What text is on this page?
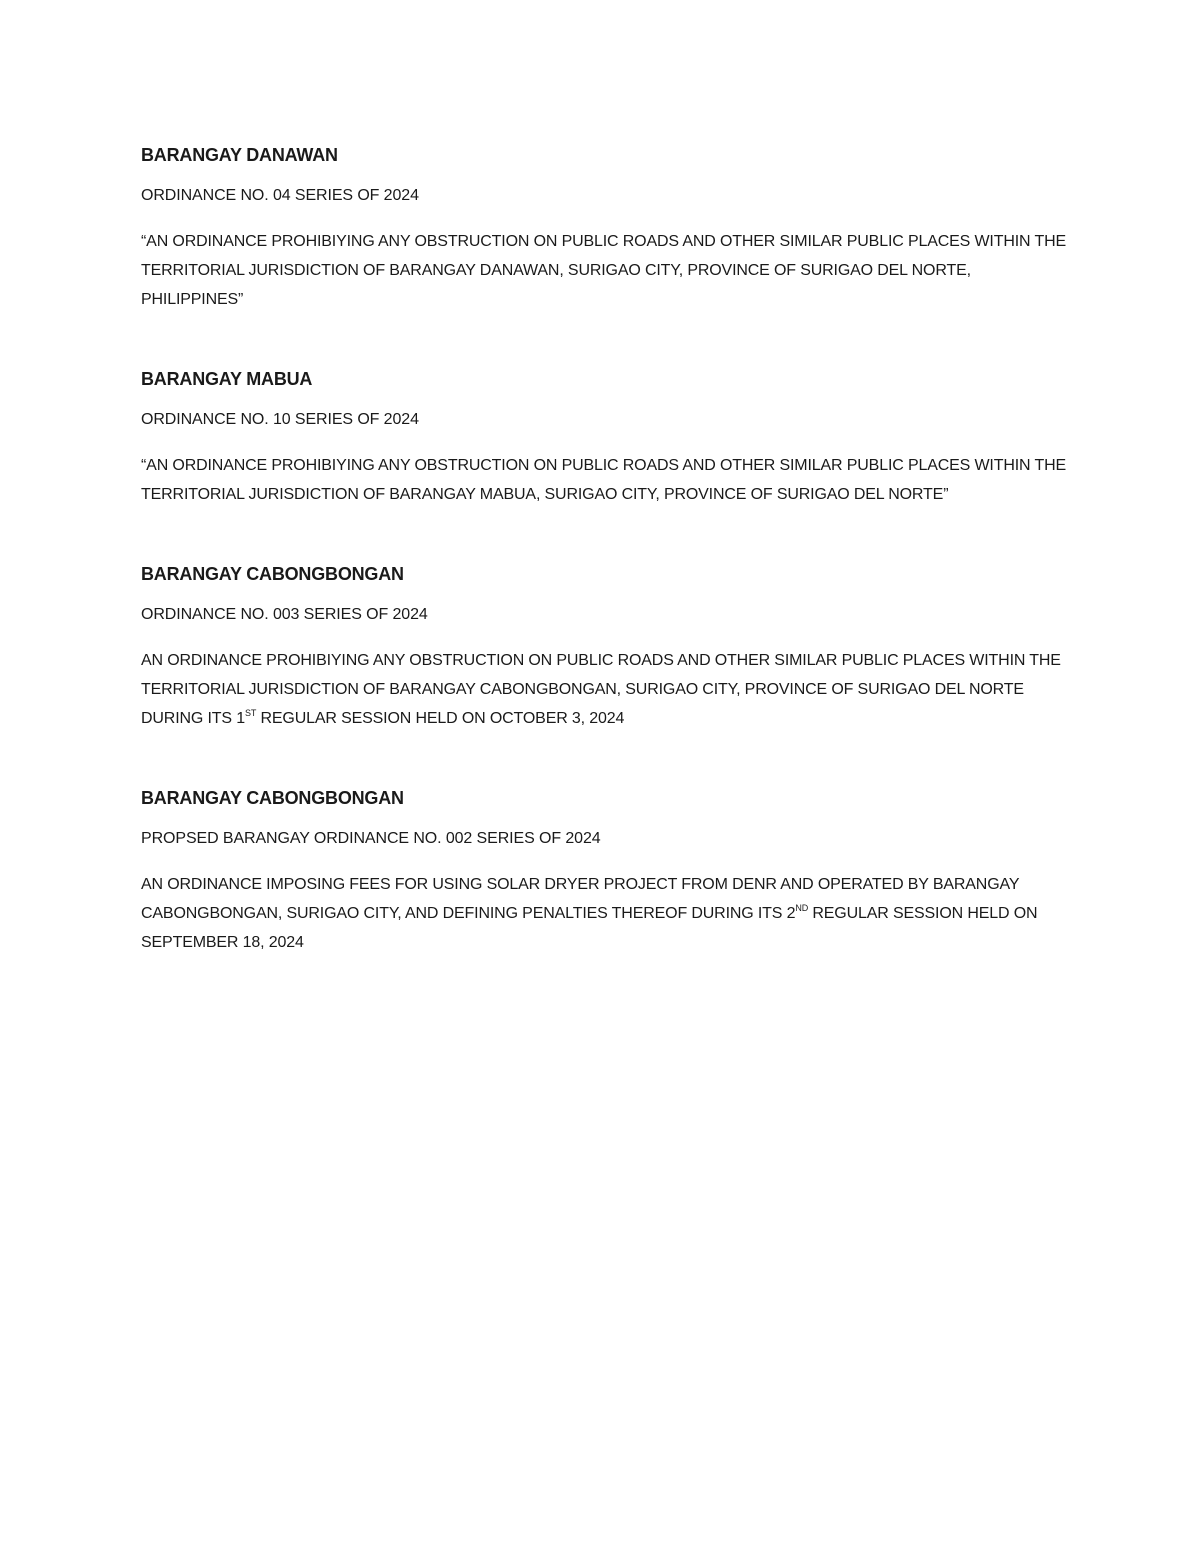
BARANGAY DANAWAN

ORDINANCE NO. 04 SERIES OF 2024

“AN ORDINANCE PROHIBIYING ANY OBSTRUCTION ON PUBLIC ROADS AND OTHER SIMILAR PUBLIC PLACES WITHIN THE TERRITORIAL JURISDICTION OF BARANGAY DANAWAN, SURIGAO CITY, PROVINCE OF SURIGAO DEL NORTE, PHILIPPINES”

BARANGAY MABUA

ORDINANCE NO. 10 SERIES OF 2024

“AN ORDINANCE PROHIBIYING ANY OBSTRUCTION ON PUBLIC ROADS AND OTHER SIMILAR PUBLIC PLACES WITHIN THE TERRITORIAL JURISDICTION OF BARANGAY MABUA, SURIGAO CITY, PROVINCE OF SURIGAO DEL NORTE”

BARANGAY CABONGBONGAN

ORDINANCE NO. 003 SERIES OF 2024

AN ORDINANCE PROHIBIYING ANY OBSTRUCTION ON PUBLIC ROADS AND OTHER SIMILAR PUBLIC PLACES WITHIN THE TERRITORIAL JURISDICTION OF BARANGAY CABONGBONGAN, SURIGAO CITY, PROVINCE OF SURIGAO DEL NORTE DURING ITS 1ST REGULAR SESSION HELD ON OCTOBER 3, 2024

BARANGAY CABONGBONGAN

PROPSED BARANGAY ORDINANCE NO. 002 SERIES OF 2024

AN ORDINANCE IMPOSING FEES FOR USING SOLAR DRYER PROJECT FROM DENR AND OPERATED BY BARANGAY CABONGBONGAN, SURIGAO CITY, AND DEFINING PENALTIES THEREOF DURING ITS 2ND REGULAR SESSION HELD ON SEPTEMBER 18, 2024
